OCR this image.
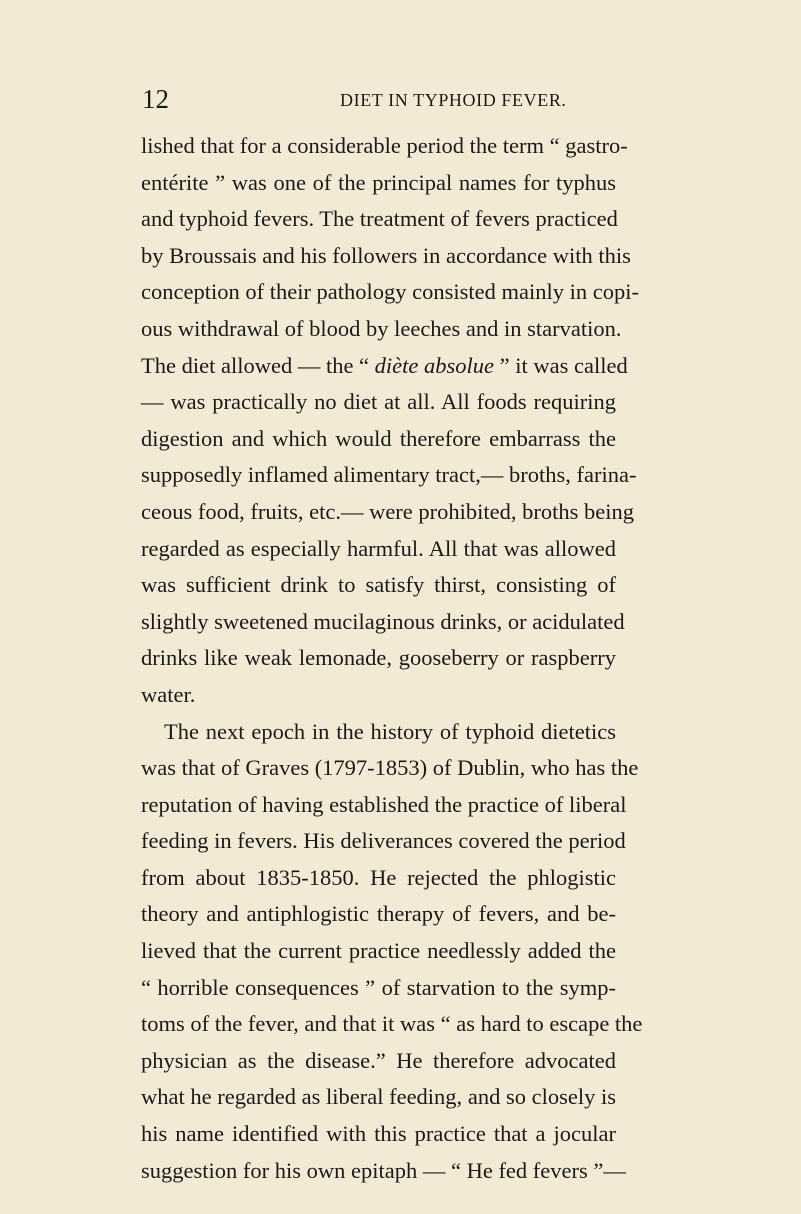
12	DIET IN TYPHOID FEVER.
lished that for a considerable period the term “ gastro-
entérite ” was one of the principal names for typhus
and typhoid fevers. The treatment of fevers practiced
by Broussais and his followers in accordance with this
conception of their pathology consisted mainly in copi-
ous withdrawal of blood by leeches and in starvation.
The diet allowed — the “ diète absolue ” it was called
— was practically no diet at all. All foods requiring
digestion and which would therefore embarrass the
supposedly inflamed alimentary tract,— broths, farina-
ceous food, fruits, etc.— were prohibited, broths being
regarded as especially harmful. All that was allowed
was sufficient drink to satisfy thirst, consisting of
slightly sweetened mucilaginous drinks, or acidulated
drinks like weak lemonade, gooseberry or raspberry
water.
The next epoch in the history of typhoid dietetics
was that of Graves (1797-1853) of Dublin, who has the
reputation of having established the practice of liberal
feeding in fevers. His deliverances covered the period
from about 1835-1850. He rejected the phlogistic
theory and antiphlogistic therapy of fevers, and be-
lieved that the current practice needlessly added the
“ horrible consequences ” of starvation to the symp-
toms of the fever, and that it was “ as hard to escape the
physician as the disease.” He therefore advocated
what he regarded as liberal feeding, and so closely is
his name identified with this practice that a jocular
suggestion for his own epitaph — “ He fed fevers ”—
